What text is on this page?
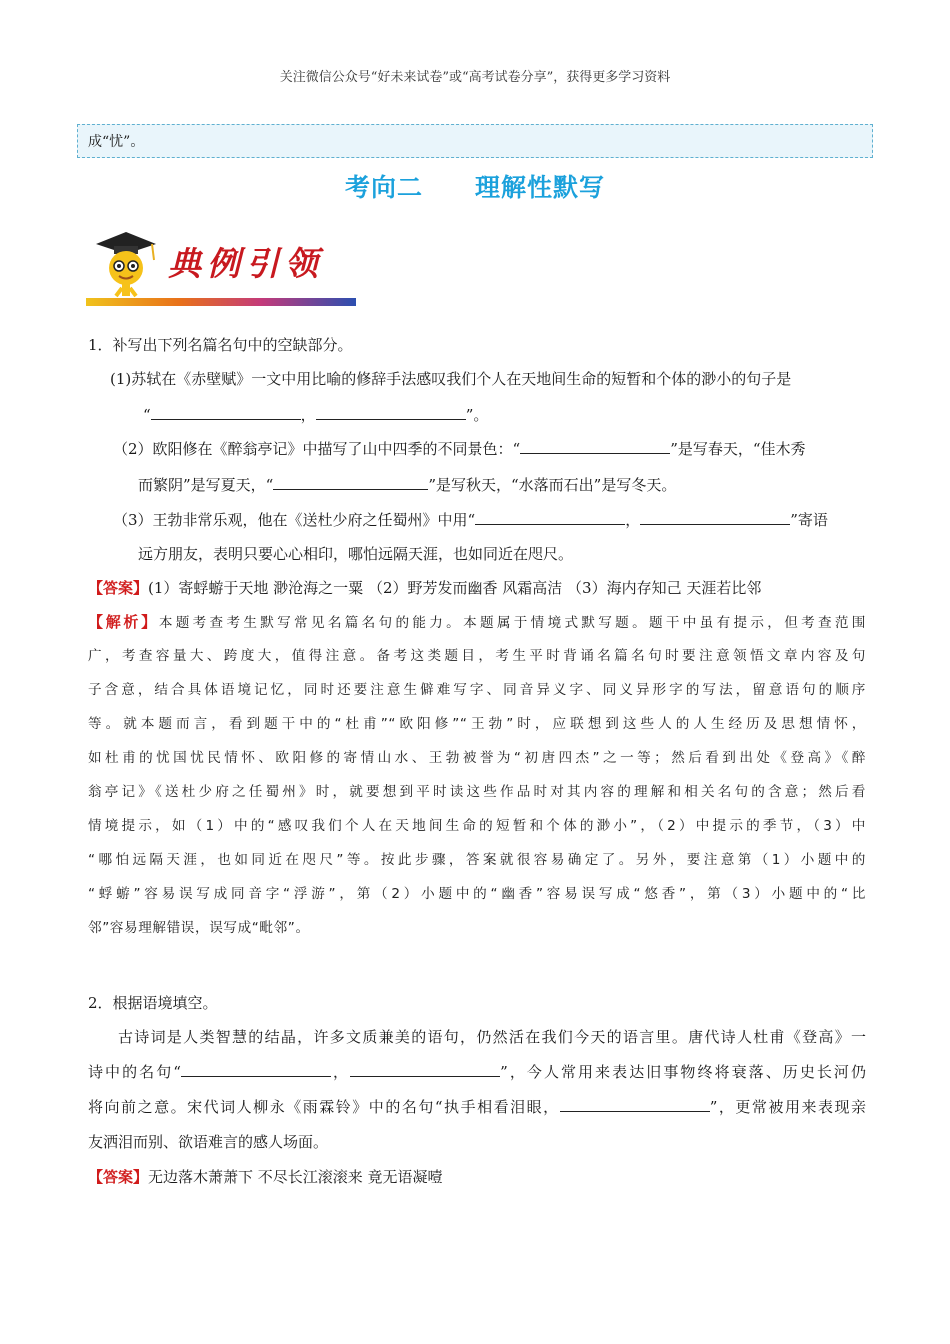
关注微信公众号“好未来试卷”或“高考试卷分享”，获得更多学习资料
成“忧”。
考向二 理解性默写
典例引领
1．补写出下列名篇名句中的空缺部分。
(1)苏轼在《赤壁赋》一文中用比喻的修辞手法感叹我们个人在天地间生命的短暂和个体的渺小的句子是
“	，	”。
（2）欧阳修在《醉翁亭记》中描写了山中四季的不同景色：“	”是写春天，“佳木秀
而繁阴”是写夏天，“	”是写秋天，“水落而石出”是写冬天。
（3）王勃非常乐观，他在《送杜少府之任蜀州》中用“	，	”寄语
远方朋友，表明只要心心相印，哪怕远隔天涯，也如同近在咫尺。
【答案】(1）寄蜉蝣于天地 渺沧海之一粟 （2）野芳发而幽香 风霜高洁 （3）海内存知己 天涯若比邻
【解析】本题考查考生默写常见名篇名句的能力。本题属于情境式默写题。题干中虽有提示，但考查范围
广，考查容量大、跨度大，值得注意。备考这类题目，考生平时背诵名篇名句时要注意领悟文章内容及句
子含意，结合具体语境记忆，同时还要注意生僻难写字、同音异义字、同义异形字的写法，留意语句的顺序
等。就本题而言，看到题干中的“杜甫”“欧阳修”“王勃”时，应联想到这些人的人生经历及思想情怀，
如杜甫的忧国忧民情怀、欧阳修的寄情山水、王勃被誉为“初唐四杰”之一等；然后看到出处《登高》《醉
翁亭记》《送杜少府之任蜀州》时，就要想到平时读这些作品时对其内容的理解和相关名句的含意；然后看
情境提示，如（1）中的“感叹我们个人在天地间生命的短暂和个体的渺小”，（2）中提示的季节，（3）中
“哪怕远隔天涯，也如同近在咫尺”等。按此步骤，答案就很容易确定了。另外，要注意第（1）小题中的
“蜉蝣”容易误写成同音字“浮游”，第（2）小题中的“幽香”容易误写成“悠香”，第（3）小题中的“比
邻”容易理解错误，误写成“毗邻”。
2．根据语境填空。
古诗词是人类智慧的结晶，许多文质兼美的语句，仍然活在我们今天的语言里。唐代诗人杜甫《登高》一
诗中的名句“	，	”，今人常用来表达旧事物终将衰落、历史长河仍
将向前之意。宋代词人柳永《雨霖铃》中的名句“执手相看泪眼，	”，更常被用来表现亲
友洒泪而别、欲语难言的感人场面。
【答案】无边落木萧萧下 不尽长江滚滚来 竟无语凝噎
